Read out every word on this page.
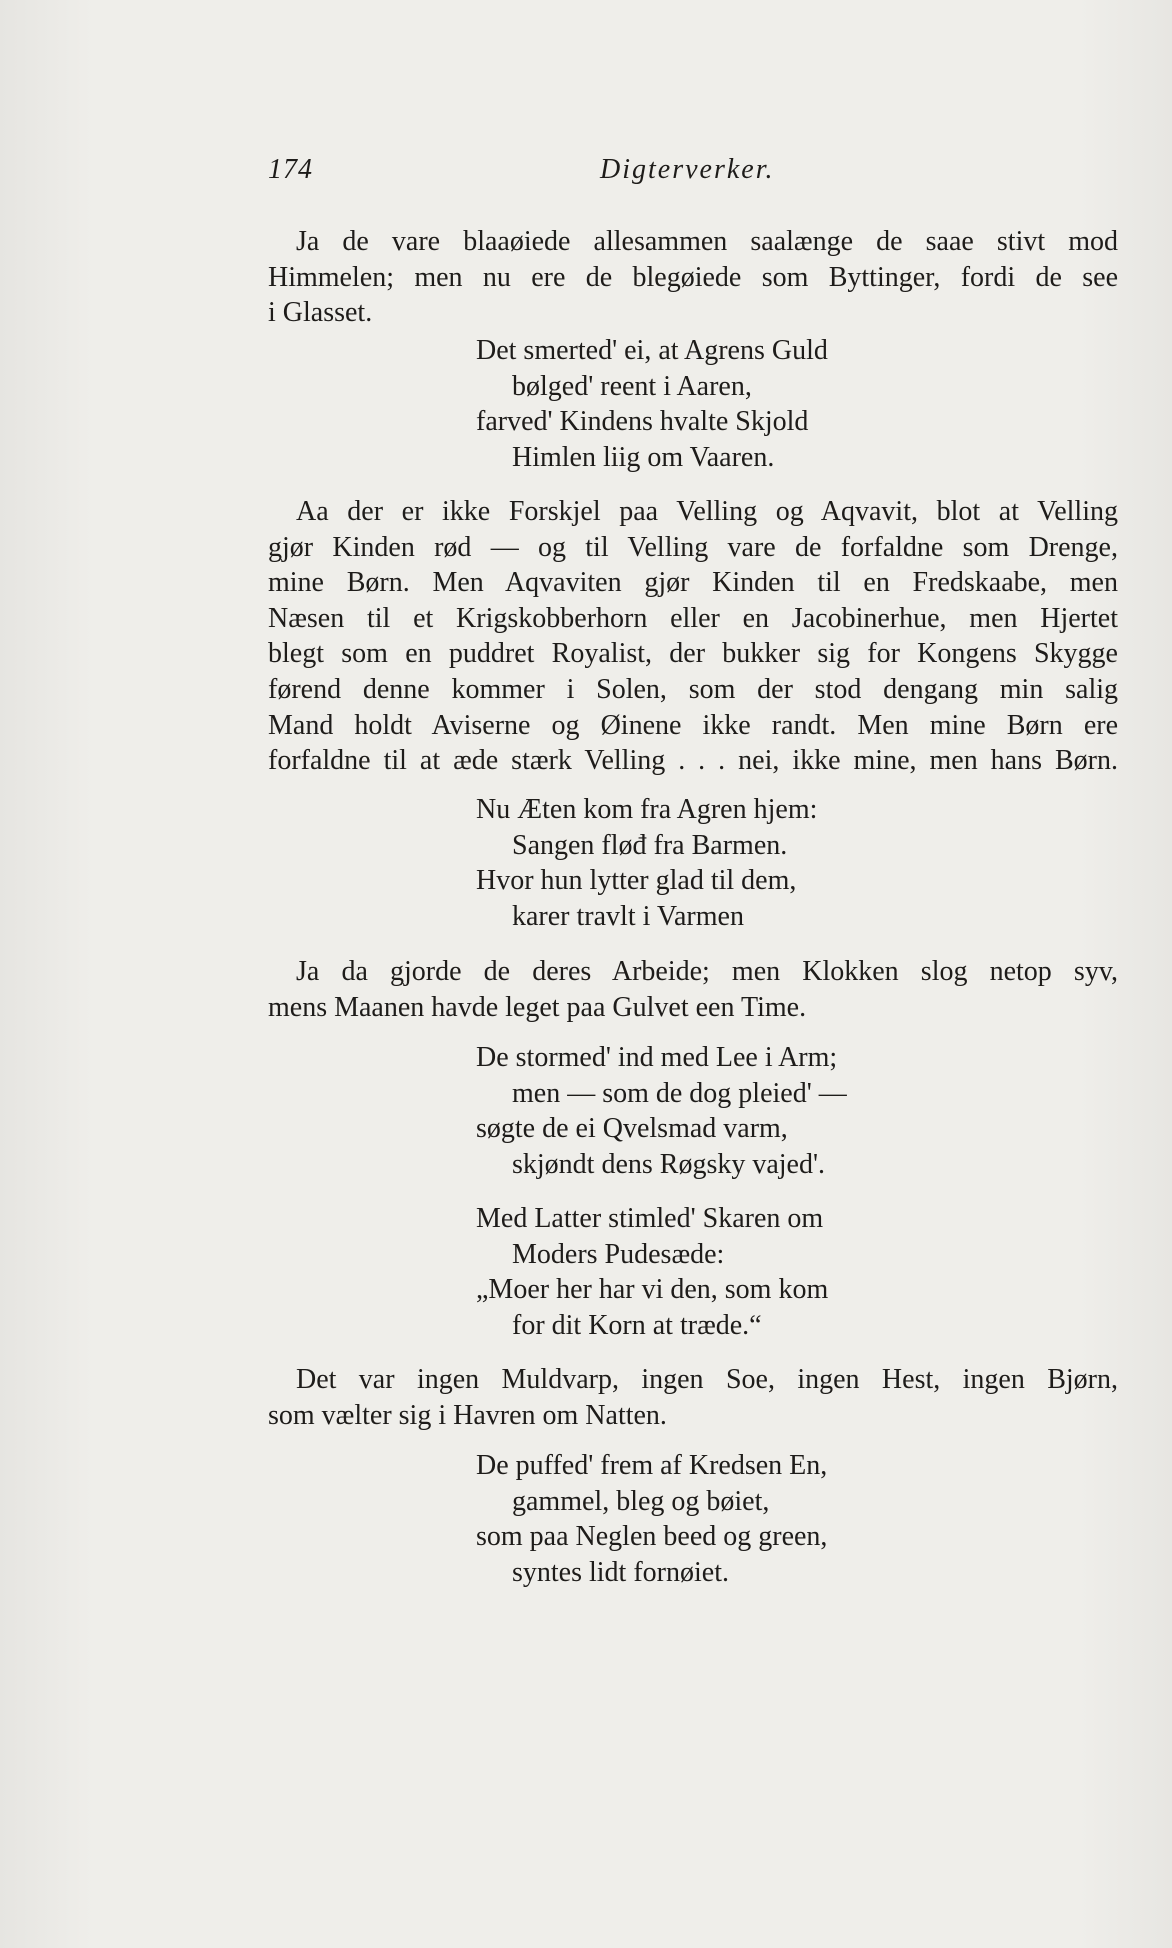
174	Digterverker.
Ja de vare blaaøiede allesammen saalænge de saae stivt mod
Himmelen; men nu ere de blegøiede som Byttinger, fordi de see
i Glasset.
Det smerted' ei, at Agrens Guld
bølged' reent i Aaren,
farved' Kindens hvalte Skjold
Himlen liig om Vaaren.
Aa der er ikke Forskjel paa Velling og Aqvavit, blot at Velling
gjør Kinden rød — og til Velling vare de forfaldne som Drenge,
mine Børn. Men Aqvaviten gjør Kinden til en Fredskaabe, men
Næsen til et Krigskobberhorn eller en Jacobinerhue, men Hjertet
blegt som en puddret Royalist, der bukker sig for Kongens Skygge
førend denne kommer i Solen, som der stod dengang min salig
Mand holdt Aviserne og Øinene ikke randt. Men mine Børn ere
forfaldne til at æde stærk Velling . . . nei, ikke mine, men hans Børn.
Nu Æten kom fra Agren hjem:
Sangen fløđ fra Barmen.
Hvor hun lytter glad til dem,
karer travlt i Varmen
Ja da gjorde de deres Arbeide; men Klokken slog netop syv,
mens Maanen havde leget paa Gulvet een Time.
De stormed' ind med Lee i Arm;
men — som de dog pleied' —
søgte de ei Qvelsmad varm,
skjøndt dens Røgsky vajed'.
Med Latter stimled' Skaren om
Moders Pudesæde:
„Moer her har vi den, som kom
for dit Korn at træde.“
Det var ingen Muldvarp, ingen Soe, ingen Hest, ingen Bjørn,
som vælter sig i Havren om Natten.
De puffed' frem af Kredsen En,
gammel, bleg og bøiet,
som paa Neglen beed og green,
syntes lidt fornøiet.
